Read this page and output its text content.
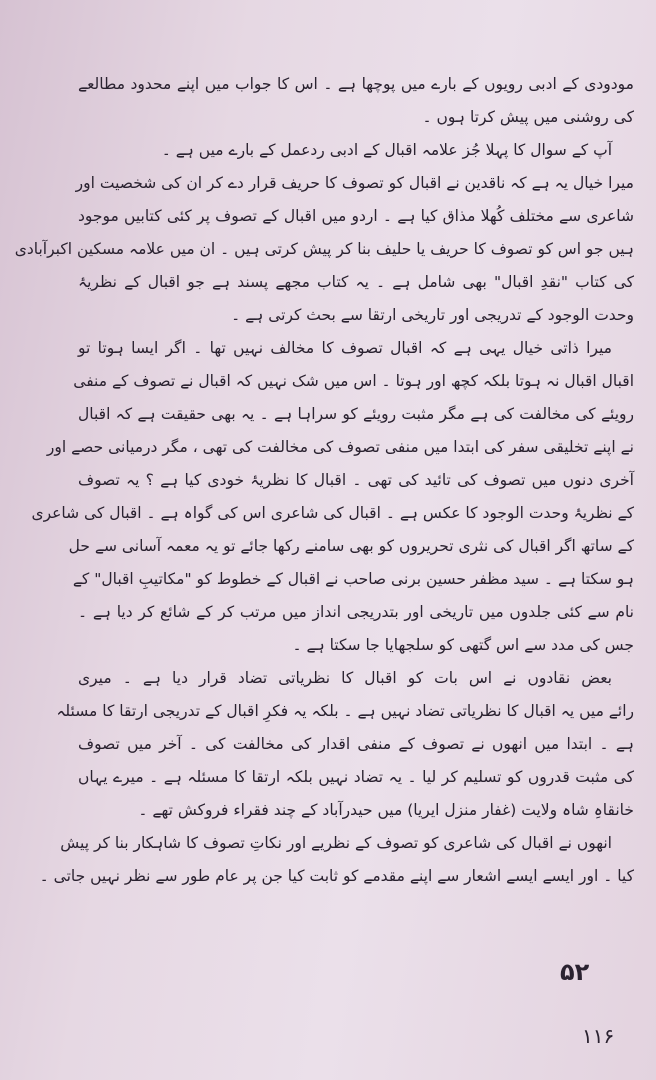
مودودی کے ادبی رویوں کے بارے میں پوچھا ہے ۔ اس کا جواب میں اپنے محدود مطالعے
کی روشنی میں پیش کرتا ہوں ۔
آپ کے سوال کا پہلا جُز علامہ اقبال کے ادبی ردعمل کے بارے میں ہے ۔
میرا خیال یہ ہے کہ ناقدین نے اقبال کو تصوف کا حریف قرار دے کر ان کی شخصیت اور
شاعری سے مختلف کُھلا مذاق کیا ہے ۔ اردو میں اقبال کے تصوف پر کئی کتابیں موجود
ہیں جو اس کو تصوف کا حریف یا حلیف بنا کر پیش کرتی ہیں ۔ ان میں علامہ مسکین اکبرآبادی
کی کتاب "نقدِ اقبال" بھی شامل ہے ۔ یہ کتاب مجھے پسند ہے جو اقبال کے نظریۂ
وحدت الوجود کے تدریجی اور تاریخی ارتقا سے بحث کرتی ہے ۔
میرا ذاتی خیال یہی ہے کہ اقبال تصوف کا مخالف نہیں تھا ۔ اگر ایسا ہوتا تو
اقبال اقبال نہ ہوتا بلکہ کچھ اور ہوتا ۔ اس میں شک نہیں کہ اقبال نے تصوف کے منفی
رویئے کی مخالفت کی ہے مگر مثبت رویئے کو سراہا ہے ۔ یہ بھی حقیقت ہے کہ اقبال
نے اپنے تخلیقی سفر کی ابتدا میں منفی تصوف کی مخالفت کی تھی ، مگر درمیانی حصے اور
آخری دنوں میں تصوف کی تائید کی تھی ۔ اقبال کا نظریۂ خودی کیا ہے ؟ یہ تصوف
کے نظریۂ وحدت الوجود کا عکس ہے ۔ اقبال کی شاعری اس کی گواہ ہے ۔ اقبال کی شاعری
کے ساتھ اگر اقبال کی نثری تحریروں کو بھی سامنے رکھا جائے تو یہ معمہ آسانی سے حل
ہو سکتا ہے ۔ سید مظفر حسین برنی صاحب نے اقبال کے خطوط کو "مکاتیبِ اقبال" کے
نام سے کئی جلدوں میں تاریخی اور بتدریجی انداز میں مرتب کر کے شائع کر دیا ہے ۔
جس کی مدد سے اس گتھی کو سلجھایا جا سکتا ہے ۔
بعض نقادوں نے اس بات کو اقبال کا نظریاتی تضاد قرار دیا ہے ۔ میری
رائے میں یہ اقبال کا نظریاتی تضاد نہیں ہے ۔ بلکہ یہ فکرِ اقبال کے تدریجی ارتقا کا مسئلہ
ہے ۔ ابتدا میں انھوں نے تصوف کے منفی اقدار کی مخالفت کی ۔ آخر میں تصوف
کی مثبت قدروں کو تسلیم کر لیا ۔ یہ تضاد نہیں بلکہ ارتقا کا مسئلہ ہے ۔ میرے یہاں
خانقاہِ شاہ ولایت (غفار منزل ایریا) میں حیدرآباد کے چند فقراء فروکش تھے ۔
انھوں نے اقبال کی شاعری کو تصوف کے نظریے اور نکاتِ تصوف کا شاہکار بنا کر پیش
کیا ۔ اور ایسے ایسے اشعار سے اپنے مقدمے کو ثابت کیا جن پر عام طور سے نظر نہیں جاتی ۔
۵۲
۱۱۶
